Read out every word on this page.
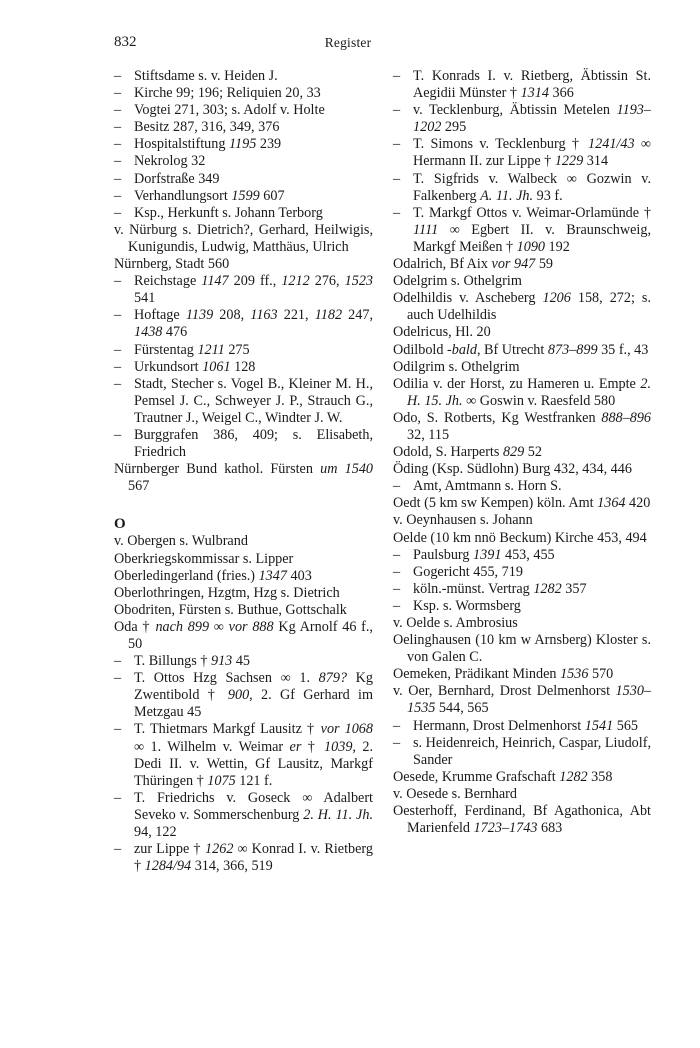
832	Register
– Stiftsdame s. v. Heiden J.
– Kirche 99; 196; Reliquien 20, 33
– Vogtei 271, 303; s. Adolf v. Holte
– Besitz 287, 316, 349, 376
– Hospitalstiftung 1195 239
– Nekrolog 32
– Dorfstraße 349
– Verhandlungsort 1599 607
– Ksp., Herkunft s. Johann Terborg
v. Nürburg s. Dietrich?, Gerhard, Heilwigis, Kunigundis, Ludwig, Matthäus, Ulrich
Nürnberg, Stadt 560
– Reichstage 1147 209 ff., 1212 276, 1523 541
– Hoftage 1139 208, 1163 221, 1182 247, 1438 476
– Fürstentag 1211 275
– Urkundsort 1061 128
– Stadt, Stecher s. Vogel B., Kleiner M. H., Pemsel J. C., Schweyer J. P., Strauch G., Trautner J., Weigel C., Windter J. W.
– Burggrafen 386, 409; s. Elisabeth, Friedrich
Nürnberger Bund kathol. Fürsten um 1540 567
O
v. Obergen s. Wulbrand
Oberkriegskommissar s. Lipper
Oberledingerland (fries.) 1347 403
Oberlothringen, Hzgtm, Hzg s. Dietrich
Obodriten, Fürsten s. Buthue, Gottschalk
Oda † nach 899 ∞ vor 888 Kg Arnolf 46 f., 50
– T. Billungs † 913 45
– T. Ottos Hzg Sachsen ∞ 1. 879? Kg Zwentibold † 900, 2. Gf Gerhard im Metzgau 45
– T. Thietmars Markgf Lausitz † vor 1068 ∞ 1. Wilhelm v. Weimar er † 1039, 2. Dedi II. v. Wettin, Gf Lausitz, Markgf Thüringen † 1075 121 f.
– T. Friedrichs v. Goseck ∞ Adalbert Seveko v. Sommerschenburg 2. H. 11. Jh. 94, 122
– zur Lippe † 1262 ∞ Konrad I. v. Rietberg † 1284/94 314, 366, 519
– T. Konrads I. v. Rietberg, Äbtissin St. Aegidii Münster † 1314 366
– v. Tecklenburg, Äbtissin Metelen 1193–1202 295
– T. Simons v. Tecklenburg † 1241/43 ∞ Hermann II. zur Lippe † 1229 314
– T. Sigfrids v. Walbeck ∞ Gozwin v. Falkenberg A. 11. Jh. 93 f.
– T. Markgf Ottos v. Weimar-Orlamünde † 1111 ∞ Egbert II. v. Braunschweig, Markgf Meißen † 1090 192
Odalrich, Bf Aix vor 947 59
Odelgrim s. Othelgrim
Odelhildis v. Ascheberg 1206 158, 272; s. auch Udelhildis
Odelricus, Hl. 20
Odilbold -bald, Bf Utrecht 873–899 35 f., 43
Odilgrim s. Othelgrim
Odilia v. der Horst, zu Hameren u. Empte 2. H. 15. Jh. ∞ Goswin v. Raesfeld 580
Odo, S. Rotberts, Kg Westfranken 888–896 32, 115
Odold, S. Harperts 829 52
Öding (Ksp. Südlohn) Burg 432, 434, 446
– Amt, Amtmann s. Horn S.
Oedt (5 km sw Kempen) köln. Amt 1364 420
v. Oeynhausen s. Johann
Oelde (10 km nnö Beckum) Kirche 453, 494
– Paulsburg 1391 453, 455
– Gogericht 455, 719
– köln.-münst. Vertrag 1282 357
– Ksp. s. Wormsberg
v. Oelde s. Ambrosius
Oelinghausen (10 km w Arnsberg) Kloster s. von Galen C.
Oemeken, Prädikant Minden 1536 570
v. Oer, Bernhard, Drost Delmenhorst 1530–1535 544, 565
– Hermann, Drost Delmenhorst 1541 565
– s. Heidenreich, Heinrich, Caspar, Liudolf, Sander
Oesede, Krumme Grafschaft 1282 358
v. Oesede s. Bernhard
Oesterhoff, Ferdinand, Bf Agathonica, Abt Marienfeld 1723–1743 683
